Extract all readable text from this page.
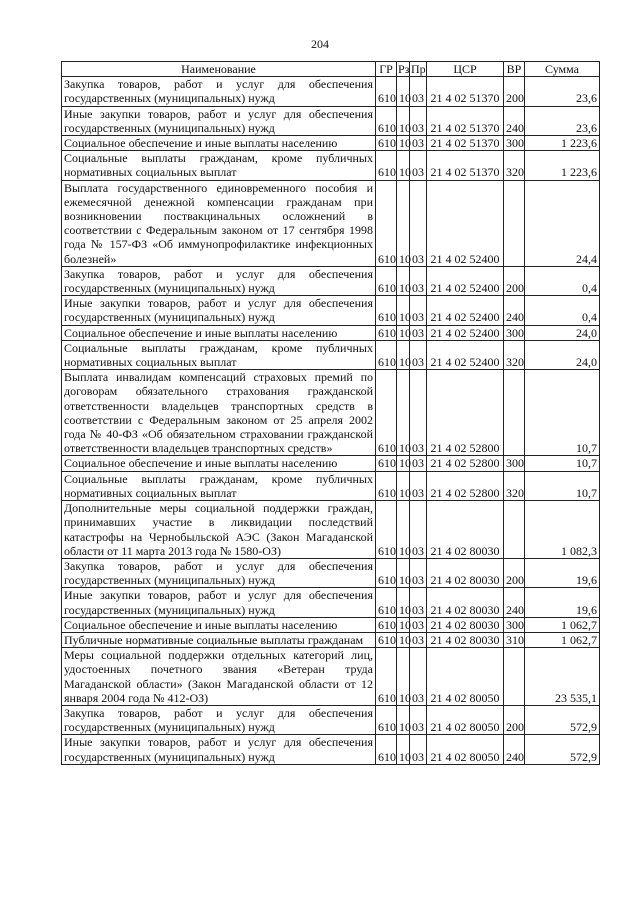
204
Наименование	ГР	Рз	Пр	ЦСР	ВР	Сумма
Закупка товаров, работ и услуг для обеспечения государственных (муниципальных) нужд	610	10	03	21 4 02 51370	200	23,6
Иные закупки товаров, работ и услуг для обеспечения государственных (муниципальных) нужд	610	10	03	21 4 02 51370	240	23,6
Социальное обеспечение и иные выплаты населению	610	10	03	21 4 02 51370	300	1 223,6
Социальные выплаты гражданам, кроме публичных нормативных социальных выплат	610	10	03	21 4 02 51370	320	1 223,6
Выплата государственного единовременного пособия и ежемесячной денежной компенсации гражданам при возникновении поствакцинальных осложнений в соответствии с Федеральным законом от 17 сентября 1998 года № 157-ФЗ «Об иммунопрофилактике инфекционных болезней»	610	10	03	21 4 02 52400		24,4
Закупка товаров, работ и услуг для обеспечения государственных (муниципальных) нужд	610	10	03	21 4 02 52400	200	0,4
Иные закупки товаров, работ и услуг для обеспечения государственных (муниципальных) нужд	610	10	03	21 4 02 52400	240	0,4
Социальное обеспечение и иные выплаты населению	610	10	03	21 4 02 52400	300	24,0
Социальные выплаты гражданам, кроме публичных нормативных социальных выплат	610	10	03	21 4 02 52400	320	24,0
Выплата инвалидам компенсаций страховых премий по договорам обязательного страхования гражданской ответственности владельцев транспортных средств в соответствии с Федеральным законом от 25 апреля 2002 года № 40-ФЗ «Об обязательном страховании гражданской ответственности владельцев транспортных средств»	610	10	03	21 4 02 52800		10,7
Социальное обеспечение и иные выплаты населению	610	10	03	21 4 02 52800	300	10,7
Социальные выплаты гражданам, кроме публичных нормативных социальных выплат	610	10	03	21 4 02 52800	320	10,7
Дополнительные меры социальной поддержки граждан, принимавших участие в ликвидации последствий катастрофы на Чернобыльской АЭС (Закон Магаданской области от 11 марта 2013 года № 1580-ОЗ)	610	10	03	21 4 02 80030		1 082,3
Закупка товаров, работ и услуг для обеспечения государственных (муниципальных) нужд	610	10	03	21 4 02 80030	200	19,6
Иные закупки товаров, работ и услуг для обеспечения государственных (муниципальных) нужд	610	10	03	21 4 02 80030	240	19,6
Социальное обеспечение и иные выплаты населению	610	10	03	21 4 02 80030	300	1 062,7
Публичные нормативные социальные выплаты гражданам	610	10	03	21 4 02 80030	310	1 062,7
Меры социальной поддержки отдельных категорий лиц, удостоенных почетного звания «Ветеран труда Магаданской области» (Закон Магаданской области от 12 января 2004 года № 412-ОЗ)	610	10	03	21 4 02 80050		23 535,1
Закупка товаров, работ и услуг для обеспечения государственных (муниципальных) нужд	610	10	03	21 4 02 80050	200	572,9
Иные закупки товаров, работ и услуг для обеспечения государственных (муниципальных) нужд	610	10	03	21 4 02 80050	240	572,9
